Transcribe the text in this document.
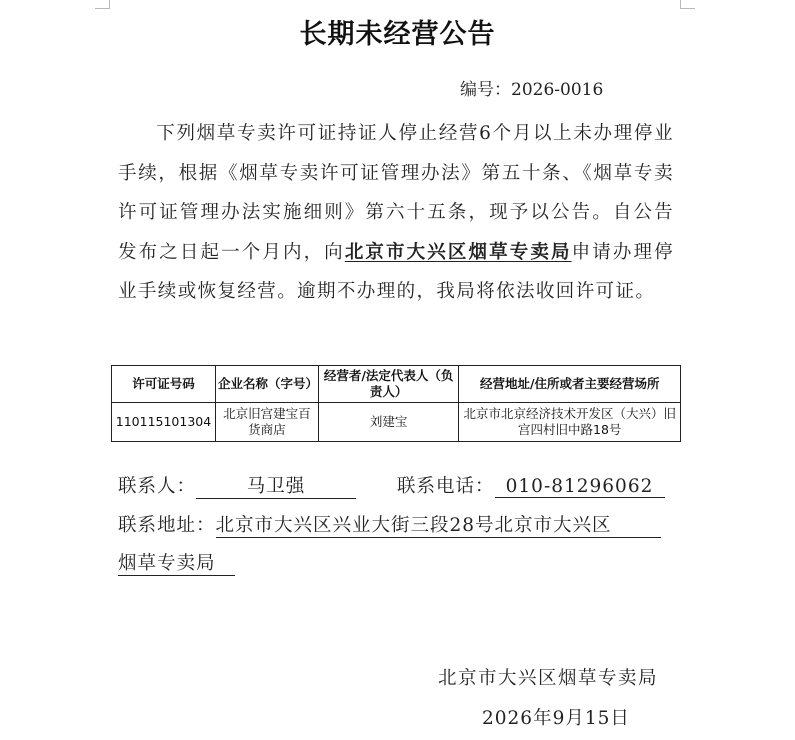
长期未经营公告
编号：2026-0016
下列烟草专卖许可证持证人停止经营6个月以上未办理停业手续，根据《烟草专卖许可证管理办法》第五十条、《烟草专卖许可证管理办法实施细则》第六十五条，现予以公告。自公告发布之日起一个月内，向北京市大兴区烟草专卖局申请办理停业手续或恢复经营。逾期不办理的，我局将依法收回许可证。
许可证号码	企业名称（字号）	经营者/法定代表人（负责人）	经营地址/住所或者主要经营场所
110115101304	北京旧宫建宝百货商店	刘建宝	北京市北京经济技术开发区（大兴）旧宫四村旧中路18号
联系人：	马卫强	联系电话： 010-81296062
联系地址：北京市大兴区兴业大街三段28号北京市大兴区
烟草专卖局
北京市大兴区烟草专卖局
2026年9月15日
